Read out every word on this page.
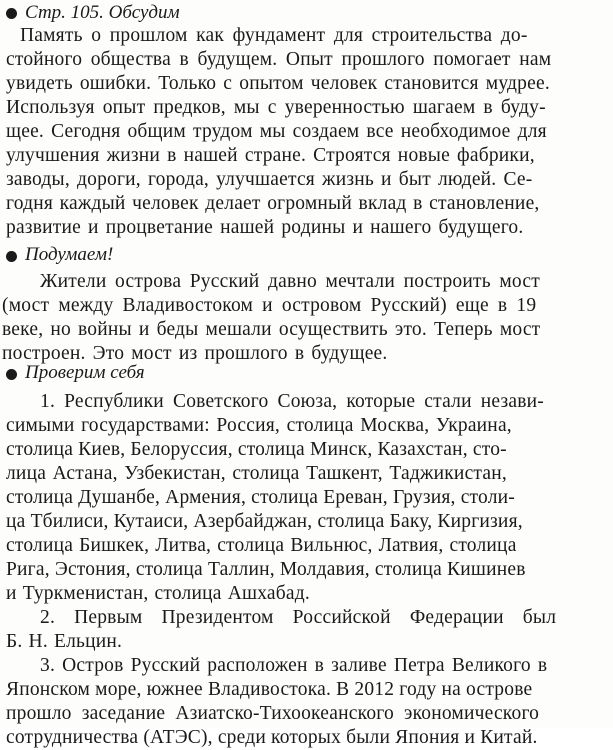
Стр. 105. Обсудим
Память о прошлом как фундамент для строительства до-
стойного общества в будущем. Опыт прошлого помогает нам
увидеть ошибки. Только с опытом человек становится мудрее.
Используя опыт предков, мы с уверенностью шагаем в буду-
щее. Сегодня общим трудом мы создаем все необходимое для
улучшения жизни в нашей стране. Строятся новые фабрики,
заводы, дороги, города, улучшается жизнь и быт людей. Се-
годня каждый человек делает огромный вклад в становление,
развитие и процветание нашей родины и нашего будущего.
Подумаем!
Жители острова Русский давно мечтали построить мост
(мост между Владивостоком и островом Русский) еще в 19
веке, но войны и беды мешали осуществить это. Теперь мост
построен. Это мост из прошлого в будущее.
Проверим себя
1. Республики Советского Союза, которые стали незави-
симыми государствами: Россия, столица Москва, Украина,
столица Киев, Белоруссия, столица Минск, Казахстан, сто-
лица Астана, Узбекистан, столица Ташкент, Таджикистан,
столица Душанбе, Армения, столица Ереван, Грузия, столи-
ца Тбилиси, Кутаиси, Азербайджан, столица Баку, Киргизия,
столица Бишкек, Литва, столица Вильнюс, Латвия, столица
Рига, Эстония, столица Таллин, Молдавия, столица Кишинев
и Туркменистан, столица Ашхабад.
2. Первым Президентом Российской Федерации был
Б. Н. Ельцин.
3. Остров Русский расположен в заливе Петра Великого в
Японском море, южнее Владивостока. В 2012 году на острове
прошло заседание Азиатско-Тихоокеанского экономического
сотрудничества (АТЭС), среди которых были Япония и Китай.
